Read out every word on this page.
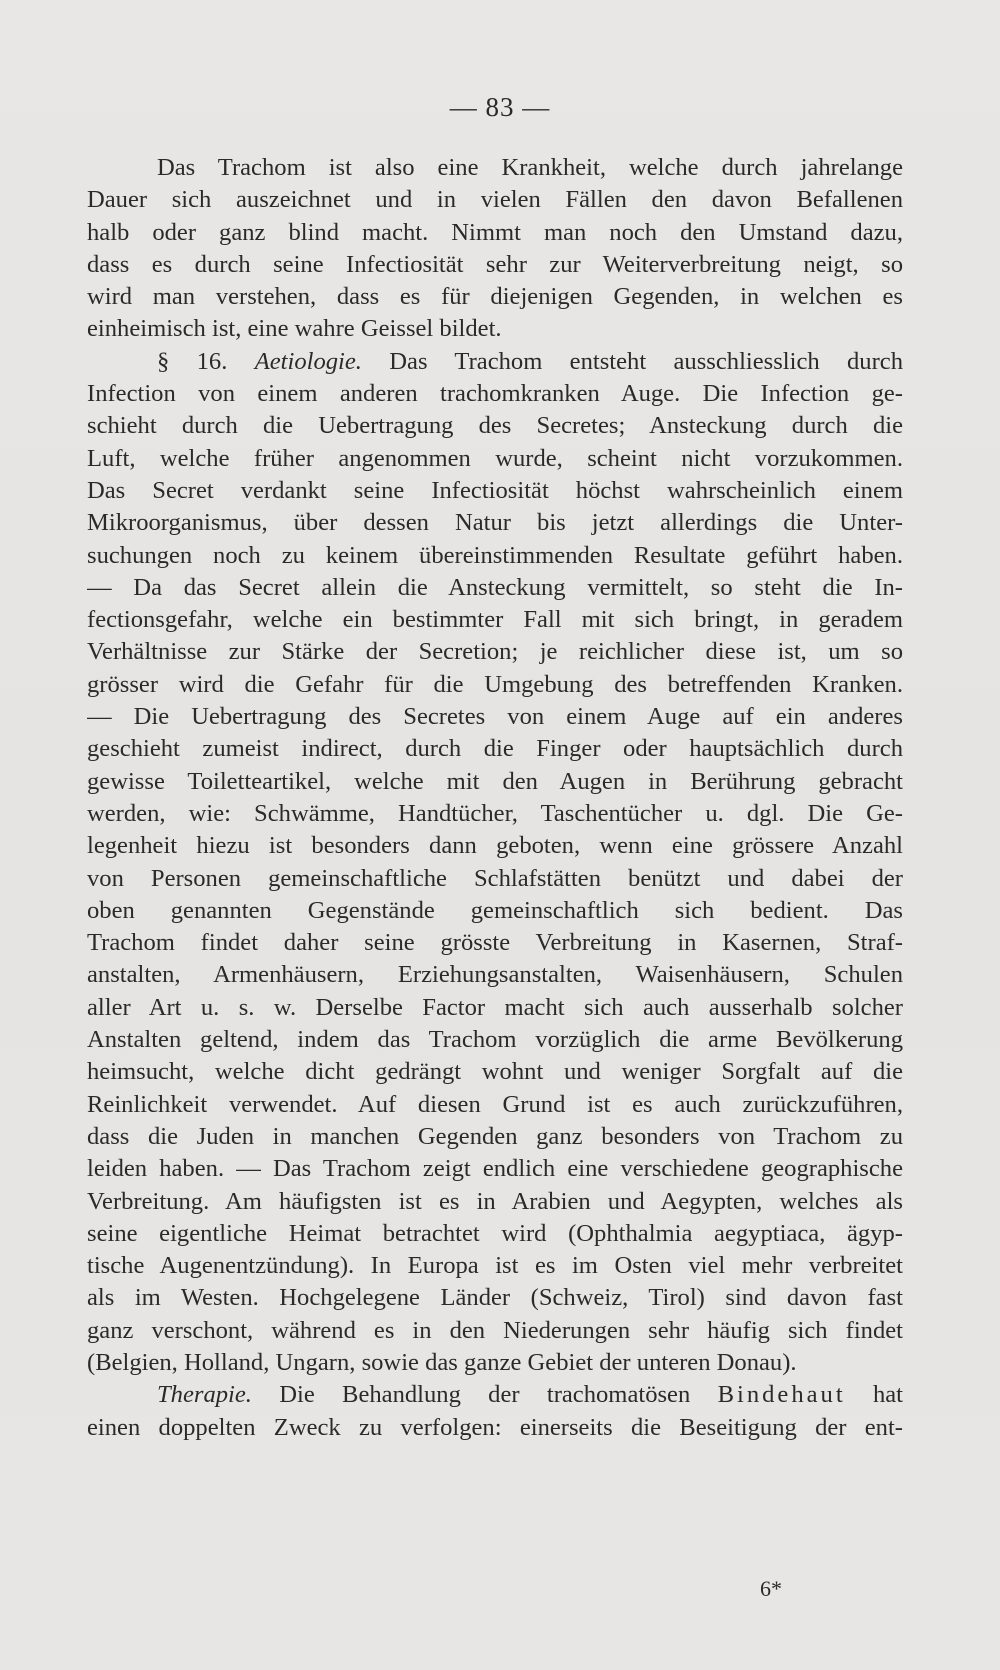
— 83 —
Das Trachom ist also eine Krankheit, welche durch jahrelange
Dauer sich auszeichnet und in vielen Fällen den davon Befallenen
halb oder ganz blind macht. Nimmt man noch den Umstand dazu,
dass es durch seine Infectiosität sehr zur Weiterverbreitung neigt, so
wird man verstehen, dass es für diejenigen Gegenden, in welchen es
einheimisch ist, eine wahre Geissel bildet.
§ 16. Aetiologie. Das Trachom entsteht ausschliesslich durch
Infection von einem anderen trachomkranken Auge. Die Infection ge-
schieht durch die Uebertragung des Secretes; Ansteckung durch die
Luft, welche früher angenommen wurde, scheint nicht vorzukommen.
Das Secret verdankt seine Infectiosität höchst wahrscheinlich einem
Mikroorganismus, über dessen Natur bis jetzt allerdings die Unter-
suchungen noch zu keinem übereinstimmenden Resultate geführt haben.
— Da das Secret allein die Ansteckung vermittelt, so steht die In-
fectionsgefahr, welche ein bestimmter Fall mit sich bringt, in geradem
Verhältnisse zur Stärke der Secretion; je reichlicher diese ist, um so
grösser wird die Gefahr für die Umgebung des betreffenden Kranken.
— Die Uebertragung des Secretes von einem Auge auf ein anderes
geschieht zumeist indirect, durch die Finger oder hauptsächlich durch
gewisse Toiletteartikel, welche mit den Augen in Berührung gebracht
werden, wie: Schwämme, Handtücher, Taschentücher u. dgl. Die Ge-
legenheit hiezu ist besonders dann geboten, wenn eine grössere Anzahl
von Personen gemeinschaftliche Schlafstätten benützt und dabei der
oben genannten Gegenstände gemeinschaftlich sich bedient. Das
Trachom findet daher seine grösste Verbreitung in Kasernen, Straf-
anstalten, Armenhäusern, Erziehungsanstalten, Waisenhäusern, Schulen
aller Art u. s. w. Derselbe Factor macht sich auch ausserhalb solcher
Anstalten geltend, indem das Trachom vorzüglich die arme Bevölkerung
heimsucht, welche dicht gedrängt wohnt und weniger Sorgfalt auf die
Reinlichkeit verwendet. Auf diesen Grund ist es auch zurückzuführen,
dass die Juden in manchen Gegenden ganz besonders von Trachom zu
leiden haben. — Das Trachom zeigt endlich eine verschiedene geographische
Verbreitung. Am häufigsten ist es in Arabien und Aegypten, welches als
seine eigentliche Heimat betrachtet wird (Ophthalmia aegyptiaca, ägyp-
tische Augenentzündung). In Europa ist es im Osten viel mehr verbreitet
als im Westen. Hochgelegene Länder (Schweiz, Tirol) sind davon fast
ganz verschont, während es in den Niederungen sehr häufig sich findet
(Belgien, Holland, Ungarn, sowie das ganze Gebiet der unteren Donau).
Therapie. Die Behandlung der trachomatösen Bindehaut hat
einen doppelten Zweck zu verfolgen: einerseits die Beseitigung der ent-
6*
